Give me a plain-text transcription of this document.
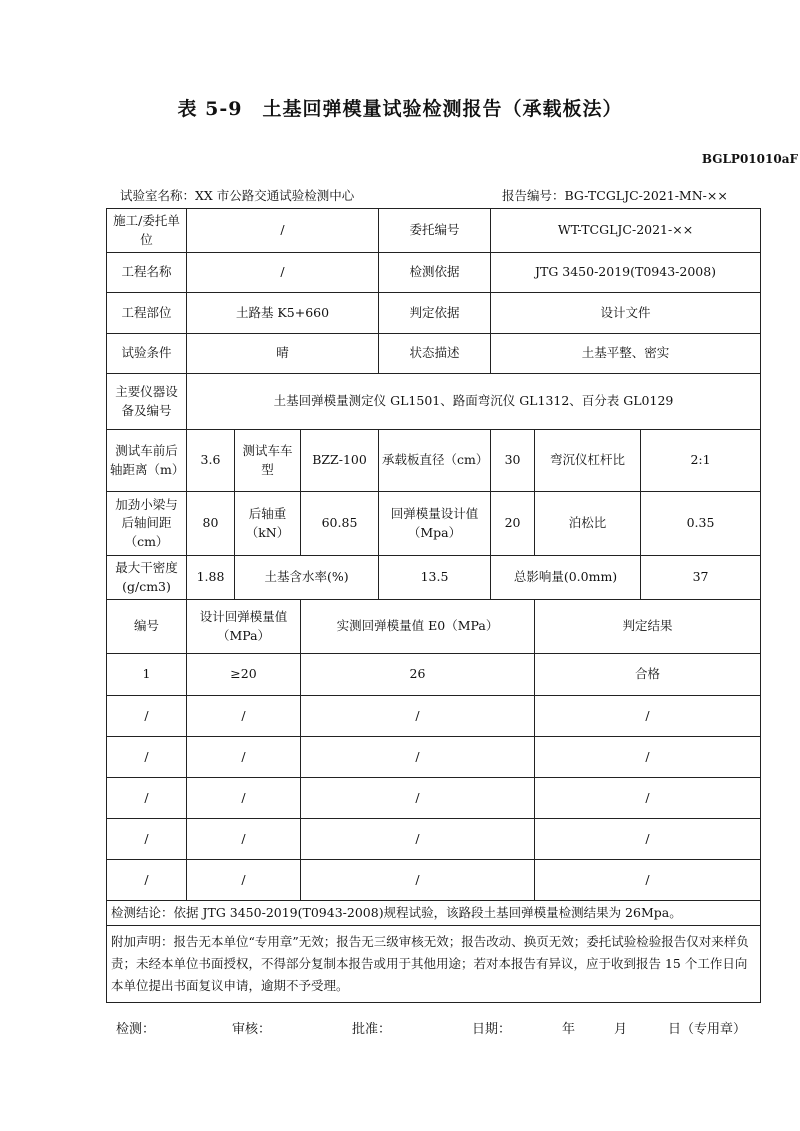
表 5-9　土基回弹模量试验检测报告（承载板法）
BGLP01010aF
试验室名称：XX 市公路交通试验检测中心	报告编号：BG-TCGLJC-2021-MN-××
施工/委托单位	/			委托编号	WT-TCGLJC-2021-××		
工程名称	/			检测依据	JTG 3450-2019(T0943-2008)		
工程部位	土路基 K5+660			判定依据	设计文件		
试验条件	晴			状态描述	土基平整、密实		
主要仪器设备及编号	土基回弹模量测定仪 GL1501、路面弯沉仪 GL1312、百分表 GL0129						
测试车前后轴距离（m）	3.6	测试车车型	BZZ-100	承载板直径（cm）	30	弯沉仪杠杆比	2:1
加劲小梁与后轴间距（cm）	80	后轴重（kN）	60.85	回弹模量设计值（Mpa）	20	泊松比	0.35
最大干密度(g/cm3)	1.88	土基含水率(%)		13.5	总影响量(0.0mm)		37
编号	设计回弹模量值（MPa）		实测回弹模量值 E0（MPa）			判定结果	
1	≥20		26			合格	
/	/		/			/	
/	/		/			/	
/	/		/			/	
/	/		/			/	
/	/		/			/	
检测结论：依据 JTG 3450-2019(T0943-2008)规程试验，该路段土基回弹模量检测结果为 26Mpa。							
附加声明：报告无本单位“专用章”无效；报告无三级审核无效；报告改动、换页无效；委托试验检验报告仅对来样负责；未经本单位书面授权，不得部分复制本报告或用于其他用途；若对本报告有异议，应于收到报告 15 个工作日向本单位提出书面复议申请，逾期不予受理。							
检测：	审核：	批准：	日期：	年	月	日（专用章）
